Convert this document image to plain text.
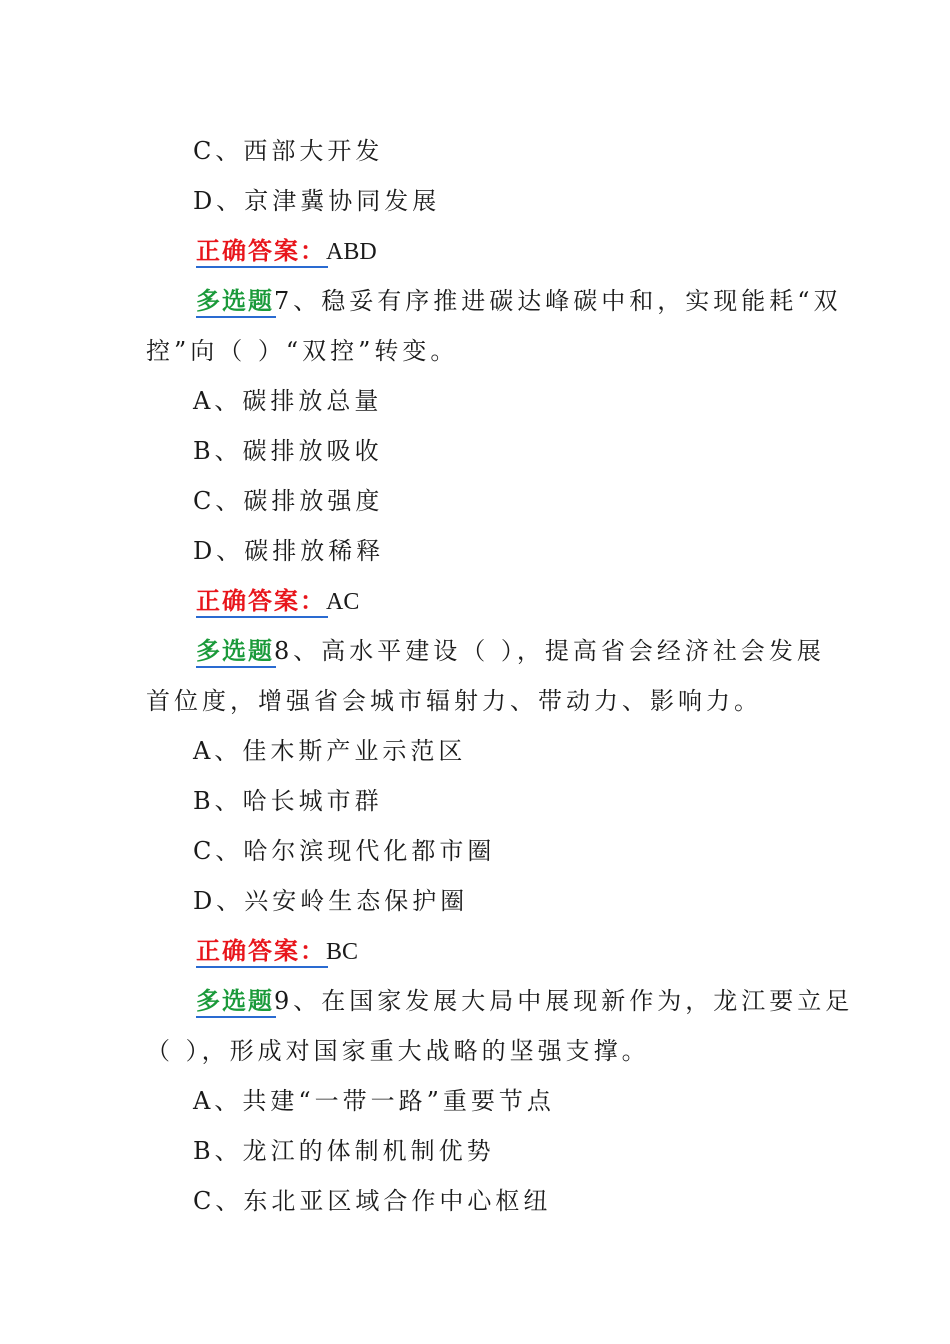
C、西部大开发
D、京津冀协同发展
正确答案：ABD
多选题7、稳妥有序推进碳达峰碳中和，实现能耗“双
控”向（ ）“双控”转变。
A、碳排放总量
B、碳排放吸收
C、碳排放强度
D、碳排放稀释
正确答案：AC
多选题8、高水平建设（ ），提高省会经济社会发展
首位度，增强省会城市辐射力、带动力、影响力。
A、佳木斯产业示范区
B、哈长城市群
C、哈尔滨现代化都市圈
D、兴安岭生态保护圈
正确答案：BC
多选题9、在国家发展大局中展现新作为，龙江要立足
（ ），形成对国家重大战略的坚强支撑。
A、共建“一带一路”重要节点
B、龙江的体制机制优势
C、东北亚区域合作中心枢纽
